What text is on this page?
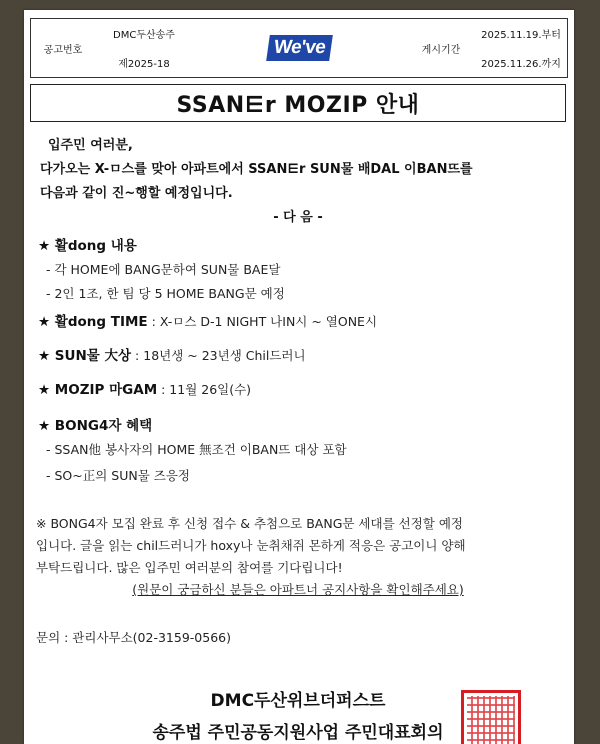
공고번호
DMC두산송주
제2025-18
We've	게시기간
2025.11.19.부터
2025.11.26.까지
SSAN⋿r MOZIP 안내
입주민 여러분,
다가오는 X-ㅁ스를 맞아 아파트에서 SSAN⋿r SUN물 배DAL 이BAN뜨를
다음과 같이 진~행할 예정입니다.
- 다 음 -
★ 활dong 내용
- 각 HOME에 BANG문하여 SUN물 BAE달
- 2인 1조, 한 팀 당 5 HOME BANG문 예정
★ 활dong TIME : X-ㅁ스 D-1 NIGHT 나IN시 ~ 열ONE시
★ SUN물 大상 : 18년생 ~ 23년생 Chil드러니
★ MOZIP 마GAM : 11월 26일(수)
★ BONG4자 혜택
- SSAN他 봉사자의 HOME 無조건 이BAN뜨 대상 포함
- SO~正의 SUN물 즈응정
※ BONG4자 모집 완료 후 신청 접수 & 추첨으로 BANG문 세대를 선정할 예정
입니다. 글을 읽는 chil드러니가 hoxy나 눈취채쥐 몬하게 적응은 공고이니 양해
부탁드립니다. 많은 입주민 여러분의 참여를 기다립니다!
(원문이 궁금하신 분들은 아파트너 공지사항을 확인해주세요)
문의 : 관리사무소(02-3159-0566)
DMC두산위브더퍼스트
송주법 주민공동지원사업 주민대표회의
